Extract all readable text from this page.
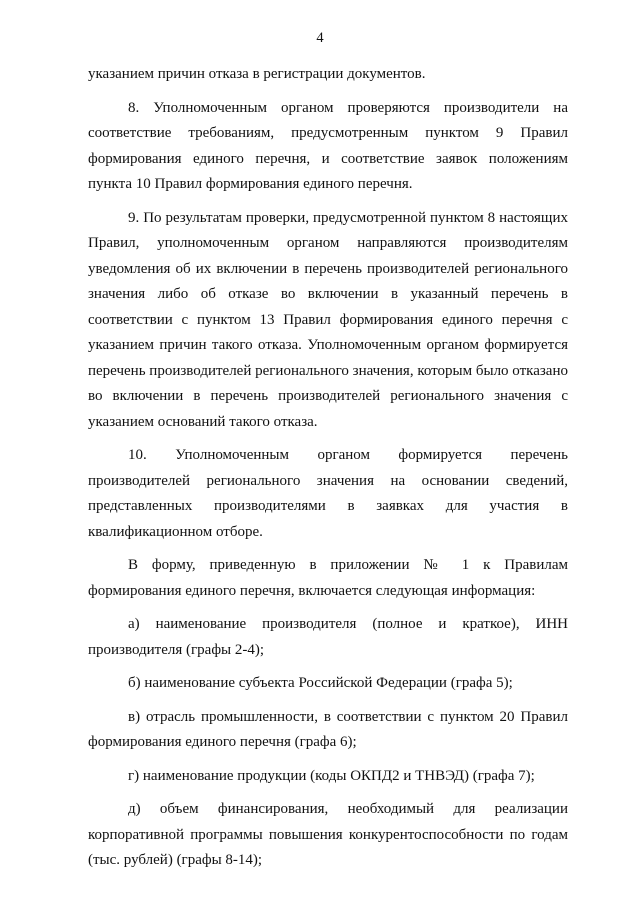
4

указанием причин отказа в регистрации документов.

8. Уполномоченным органом проверяются производители на соответствие требованиям, предусмотренным пунктом 9 Правил формирования единого перечня, и соответствие заявок положениям пункта 10 Правил формирования единого перечня.

9. По результатам проверки, предусмотренной пунктом 8 настоящих Правил, уполномоченным органом направляются производителям уведомления об их включении в перечень производителей регионального значения либо об отказе во включении в указанный перечень в соответствии с пунктом 13 Правил формирования единого перечня с указанием причин такого отказа. Уполномоченным органом формируется перечень производителей регионального значения, которым было отказано во включении в перечень производителей регионального значения с указанием оснований такого отказа.

10. Уполномоченным органом формируется перечень производителей регионального значения на основании сведений, представленных производителями в заявках для участия в квалификационном отборе.

В форму, приведенную в приложении № 1 к Правилам формирования единого перечня, включается следующая информация:

а) наименование производителя (полное и краткое), ИНН производителя (графы 2-4);

б) наименование субъекта Российской Федерации (графа 5);

в) отрасль промышленности, в соответствии с пунктом 20 Правил формирования единого перечня (графа 6);

г) наименование продукции (коды ОКПД2 и ТНВЭД) (графа 7);

д) объем финансирования, необходимый для реализации корпоративной программы повышения конкурентоспособности по годам (тыс. рублей) (графы 8-14);
